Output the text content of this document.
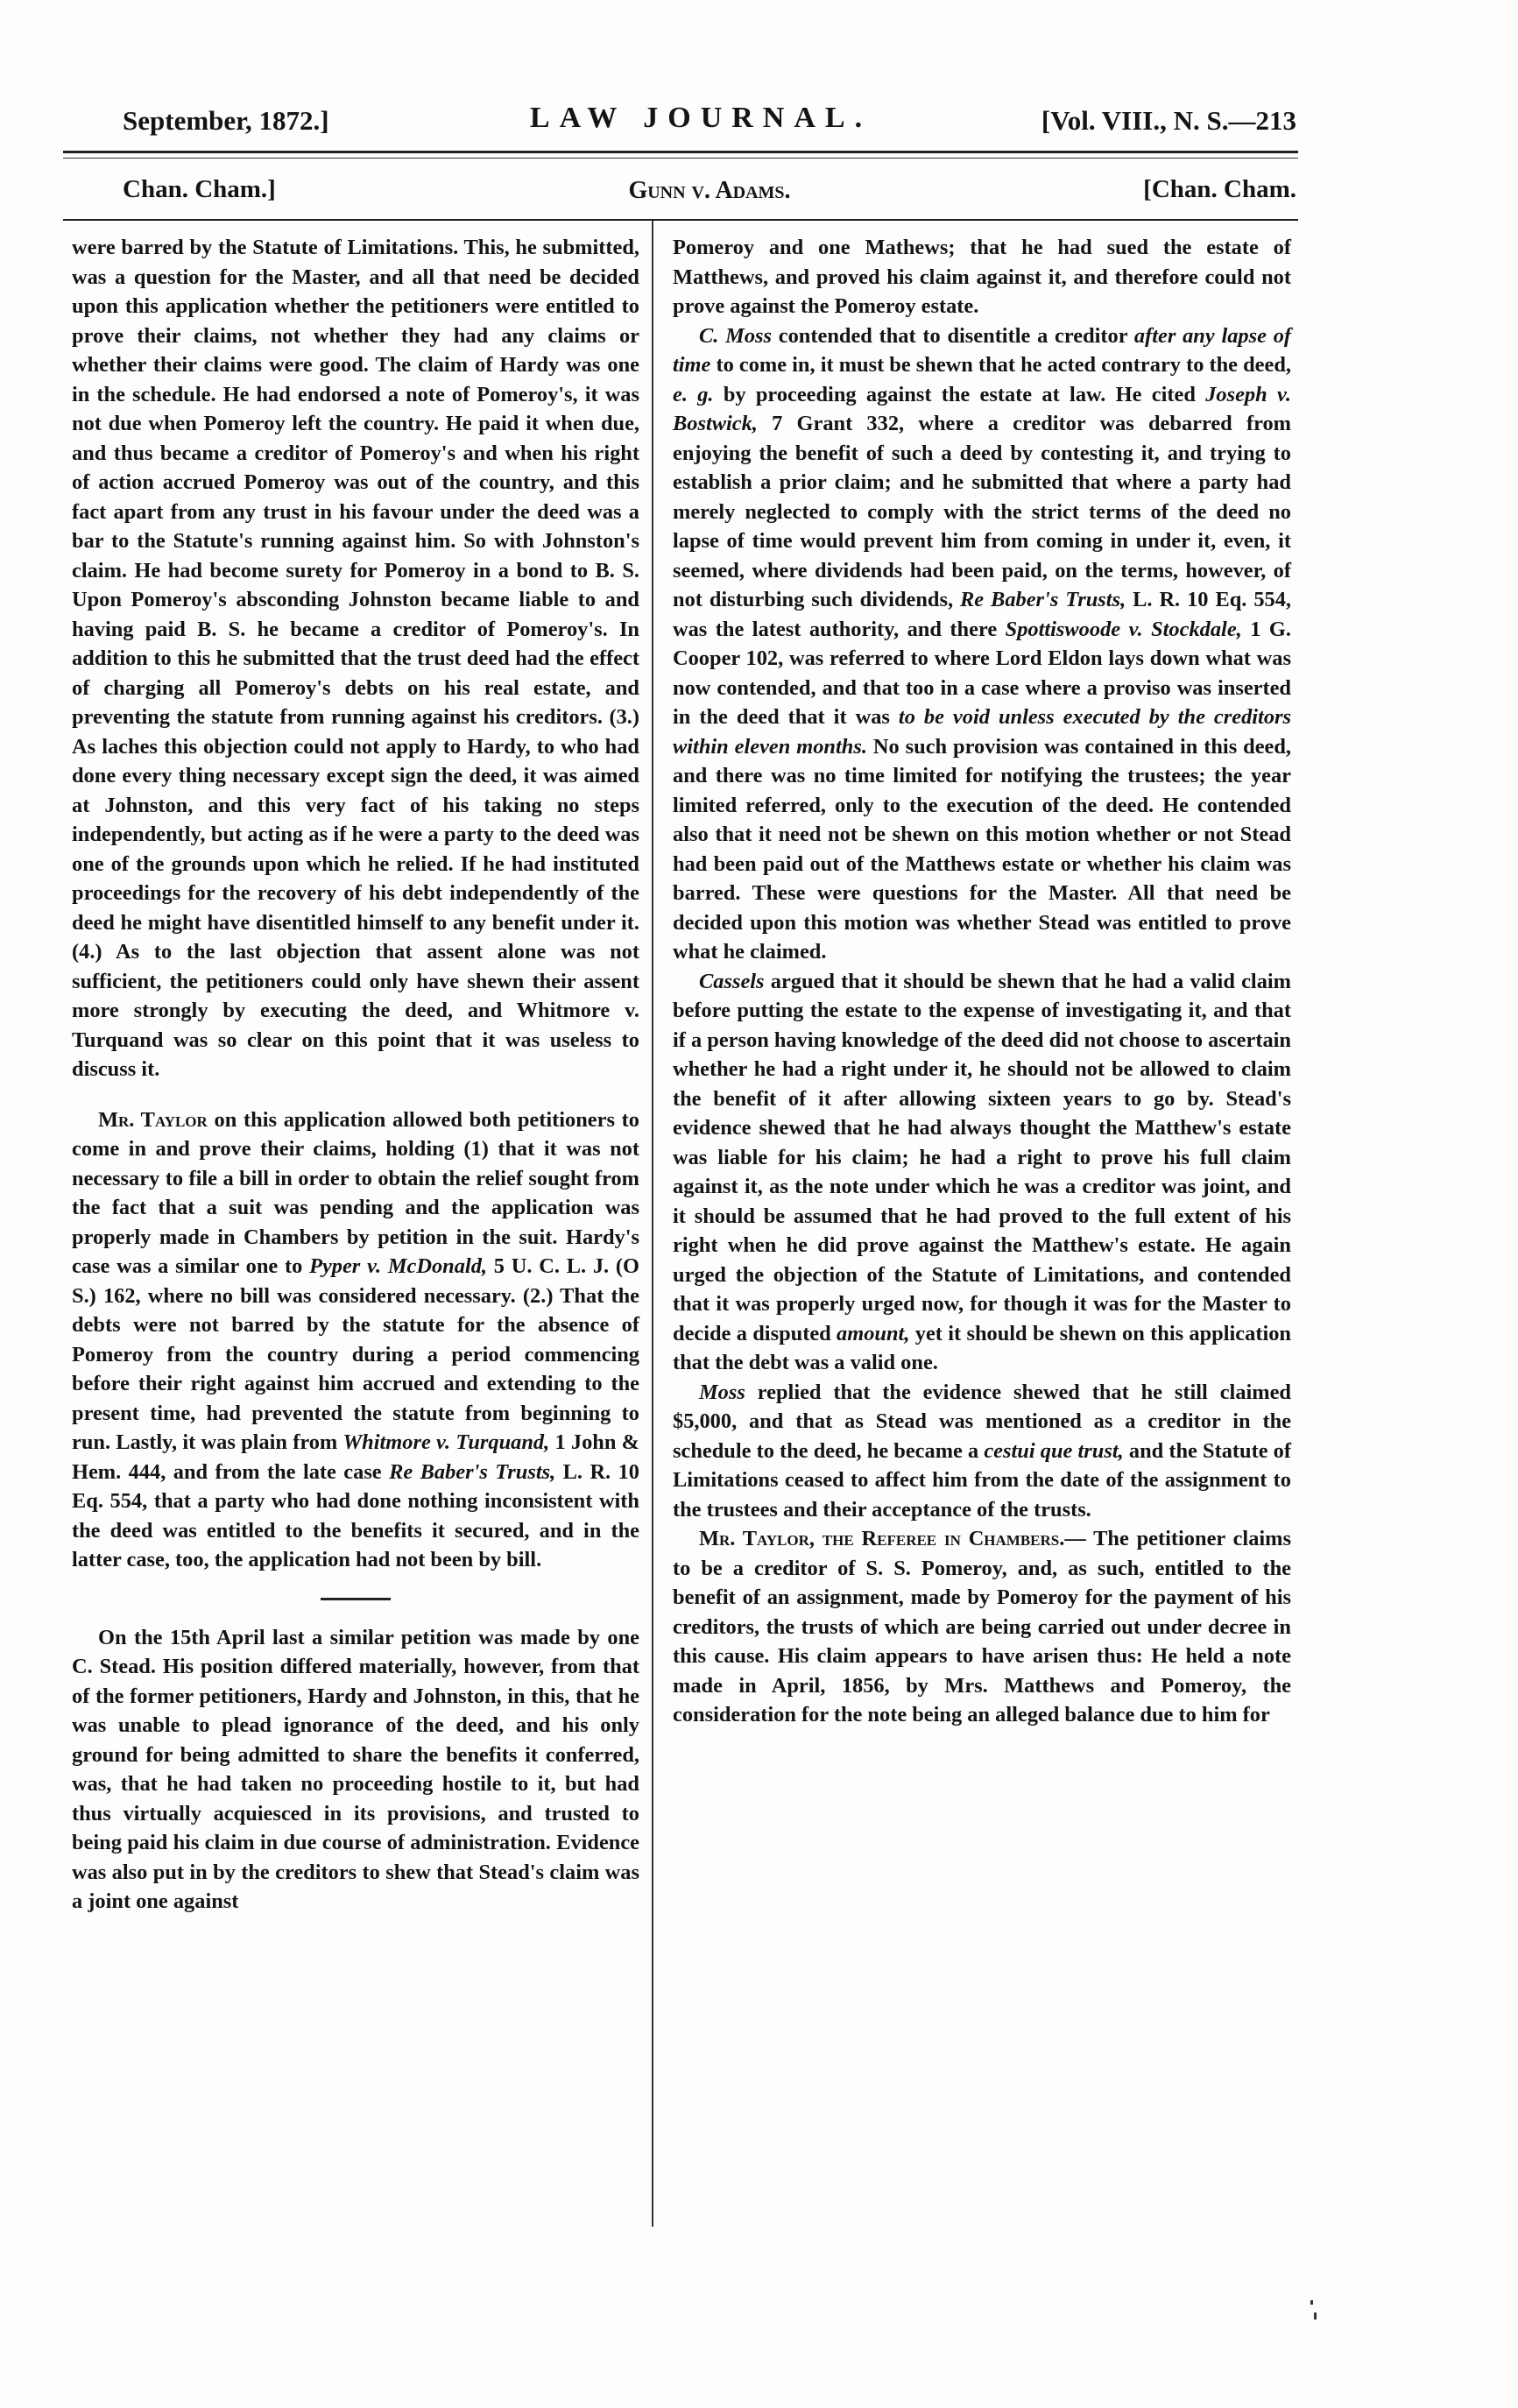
September, 1872.]	LAW JOURNAL.	[Vol. VIII., N. S.—213
Chan. Cham.]	Gunn v. Adams.	[Chan. Cham.

were barred by the Statute of Limitations. This, he submitted, was a question for the Master, and all that need be decided upon this application whether the petitioners were entitled to prove their claims, not whether they had any claims or whether their claims were good. The claim of Hardy was one in the schedule. He had endorsed a note of Pomeroy's, it was not due when Pomeroy left the country. He paid it when due, and thus became a creditor of Pomeroy's and when his right of action accrued Pomeroy was out of the country, and this fact apart from any trust in his favour under the deed was a bar to the Statute's running against him. So with Johnston's claim. He had become surety for Pomeroy in a bond to B. S. Upon Pomeroy's absconding Johnston became liable to and having paid B. S. he became a creditor of Pomeroy's. In addition to this he submitted that the trust deed had the effect of charging all Pomeroy's debts on his real estate, and preventing the statute from running against his creditors. (3.) As laches this objection could not apply to Hardy, to who had done every thing necessary except sign the deed, it was aimed at Johnston, and this very fact of his taking no steps independently, but acting as if he were a party to the deed was one of the grounds upon which he relied. If he had instituted proceedings for the recovery of his debt independently of the deed he might have disentitled himself to any benefit under it. (4.) As to the last objection that assent alone was not sufficient, the petitioners could only have shewn their assent more strongly by executing the deed, and Whitmore v. Turquand was so clear on this point that it was useless to discuss it.

Mr. Taylor on this application allowed both petitioners to come in and prove their claims, holding (1) that it was not necessary to file a bill in order to obtain the relief sought from the fact that a suit was pending and the application was properly made in Chambers by petition in the suit. Hardy's case was a similar one to Pyper v. McDonald, 5 U. C. L. J. (O S.) 162, where no bill was considered necessary. (2.) That the debts were not barred by the statute for the absence of Pomeroy from the country during a period commencing before their right against him accrued and extending to the present time, had prevented the statute from beginning to run. Lastly, it was plain from Whitmore v. Turquand, 1 John & Hem. 444, and from the late case Re Baber's Trusts, L. R. 10 Eq. 554, that a party who had done nothing inconsistent with the deed was entitled to the benefits it secured, and in the latter case, too, the application had not been by bill.

On the 15th April last a similar petition was made by one C. Stead. His position differed materially, however, from that of the former petitioners, Hardy and Johnston, in this, that he was unable to plead ignorance of the deed, and his only ground for being admitted to share the benefits it conferred, was, that he had taken no proceeding hostile to it, but had thus virtually acquiesced in its provisions, and trusted to being paid his claim in due course of administration. Evidence was also put in by the creditors to shew that Stead's claim was a joint one against

Pomeroy and one Mathews; that he had sued the estate of Matthews, and proved his claim against it, and therefore could not prove against the Pomeroy estate.

C. Moss contended that to disentitle a creditor after any lapse of time to come in, it must be shewn that he acted contrary to the deed, e. g. by proceeding against the estate at law. He cited Joseph v. Bostwick, 7 Grant 332, where a creditor was debarred from enjoying the benefit of such a deed by contesting it, and trying to establish a prior claim; and he submitted that where a party had merely neglected to comply with the strict terms of the deed no lapse of time would prevent him from coming in under it, even, it seemed, where dividends had been paid, on the terms, however, of not disturbing such dividends, Re Baber's Trusts, L. R. 10 Eq. 554, was the latest authority, and there Spottiswoode v. Stockdale, 1 G. Cooper 102, was referred to where Lord Eldon lays down what was now contended, and that too in a case where a proviso was inserted in the deed that it was to be void unless executed by the creditors within eleven months. No such provision was contained in this deed, and there was no time limited for notifying the trustees; the year limited referred, only to the execution of the deed. He contended also that it need not be shewn on this motion whether or not Stead had been paid out of the Matthews estate or whether his claim was barred. These were questions for the Master. All that need be decided upon this motion was whether Stead was entitled to prove what he claimed.

Cassels argued that it should be shewn that he had a valid claim before putting the estate to the expense of investigating it, and that if a person having knowledge of the deed did not choose to ascertain whether he had a right under it, he should not be allowed to claim the benefit of it after allowing sixteen years to go by. Stead's evidence shewed that he had always thought the Matthew's estate was liable for his claim; he had a right to prove his full claim against it, as the note under which he was a creditor was joint, and it should be assumed that he had proved to the full extent of his right when he did prove against the Matthew's estate. He again urged the objection of the Statute of Limitations, and contended that it was properly urged now, for though it was for the Master to decide a disputed amount, yet it should be shewn on this application that the debt was a valid one.

Moss replied that the evidence shewed that he still claimed $5,000, and that as Stead was mentioned as a creditor in the schedule to the deed, he became a cestui que trust, and the Statute of Limitations ceased to affect him from the date of the assignment to the trustees and their acceptance of the trusts.

Mr. Taylor, the Referee in Chambers.— The petitioner claims to be a creditor of S. S. Pomeroy, and, as such, entitled to the benefit of an assignment, made by Pomeroy for the payment of his creditors, the trusts of which are being carried out under decree in this cause. His claim appears to have arisen thus: He held a note made in April, 1856, by Mrs. Matthews and Pomeroy, the consideration for the note being an alleged balance due to him for
